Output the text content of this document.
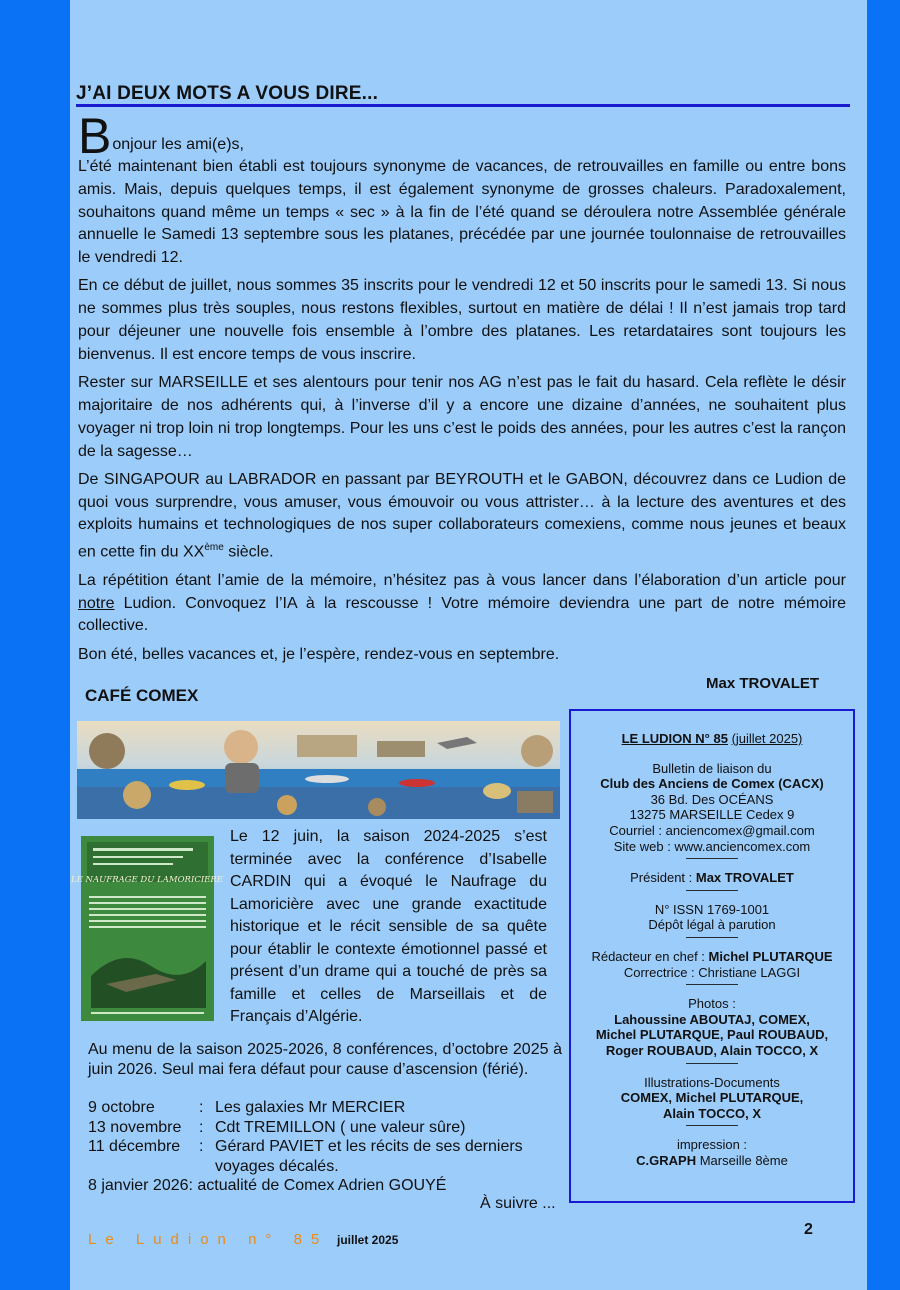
J’AI DEUX MOTS A VOUS DIRE...
B onjour les ami(e)s,

L’été maintenant bien établi est toujours synonyme de vacances, de retrouvailles en famille ou entre bons amis. Mais, depuis quelques temps, il est également synonyme de grosses chaleurs. Paradoxalement, souhaitons quand même un temps « sec » à la fin de l’été quand se déroulera notre Assemblée générale annuelle le Samedi 13 septembre sous les platanes, précédée par une journée toulonnaise de retrouvailles le vendredi 12.

En ce début de juillet, nous sommes 35 inscrits pour le vendredi 12 et 50 inscrits pour le samedi 13. Si nous ne sommes plus très souples, nous restons flexibles, surtout en matière de délai ! Il n’est jamais trop tard pour déjeuner une nouvelle fois ensemble à l’ombre des platanes. Les retardataires sont toujours les bienvenus. Il est encore temps de vous inscrire.

Rester sur MARSEILLE et ses alentours pour tenir nos AG n’est pas le fait du hasard. Cela reflète le désir majoritaire de nos adhérents qui, à l’inverse d’il y a encore une dizaine d’années, ne souhaitent plus voyager ni trop loin ni trop longtemps. Pour les uns c’est le poids des années, pour les autres c’est la rançon de la sagesse…

De SINGAPOUR au LABRADOR en passant par BEYROUTH et le GABON, découvrez dans ce Ludion de quoi vous surprendre, vous amuser, vous émouvoir ou vous attrister… à la lecture des aventures et des exploits humains et technologiques de nos super collaborateurs comexiens, comme nous jeunes et beaux en cette fin du XXème siècle.

La répétition étant l’amie de la mémoire, n’hésitez pas à vous lancer dans l’élaboration d’un article pour notre Ludion. Convoquez l’IA à la rescousse ! Votre mémoire deviendra une part de notre mémoire collective.

Bon été, belles vacances et, je l’espère, rendez-vous en septembre.

Max TROVALET
CAFÉ COMEX
LE NAUFRAGE DU LAMORICIERE
Le 12 juin, la saison 2024-2025 s’est terminée avec la conférence d’Isabelle CARDIN qui a évoqué le Naufrage du Lamoricière avec une grande exactitude historique et le récit sensible de sa quête pour établir le contexte émotionnel passé et présent d’un drame qui a touché de près sa famille et celles de Marseillais et de Français d’Algérie.
Au menu de la saison 2025-2026, 8 conférences, d’octobre 2025 à juin 2026. Seul mai fera défaut pour cause d’ascension (férié).
9 octobre	: Les galaxies Mr MERCIER
13 novembre	: Cdt TREMILLON ( une valeur sûre)
11 décembre	: Gérard PAVIET et les récits de ses derniers voyages décalés.
8 janvier 2026: actualité de Comex Adrien GOUYÉ
À suivre ...
LE LUDION N° 85 (juillet 2025)
Bulletin de liaison du
Club des Anciens de Comex (CACX)
36 Bd. Des OCÉANS
13275 MARSEILLE Cedex 9
Courriel : anciencomex@gmail.com
Site web : www.anciencomex.com
————
Président : Max TROVALET
————
N° ISSN 1769-1001
Dépôt légal à parution
————
Rédacteur en chef : Michel PLUTARQUE
Correctrice : Christiane LAGGI
————
Photos :
Lahoussine ABOUTAJ, COMEX,
Michel PLUTARQUE, Paul ROUBAUD,
Roger ROUBAUD, Alain TOCCO, X
————
Illustrations-Documents
COMEX, Michel PLUTARQUE,
Alain TOCCO, X
————
impression :
C.GRAPH Marseille 8ème
Le Ludion n° 85 juillet 2025
2
